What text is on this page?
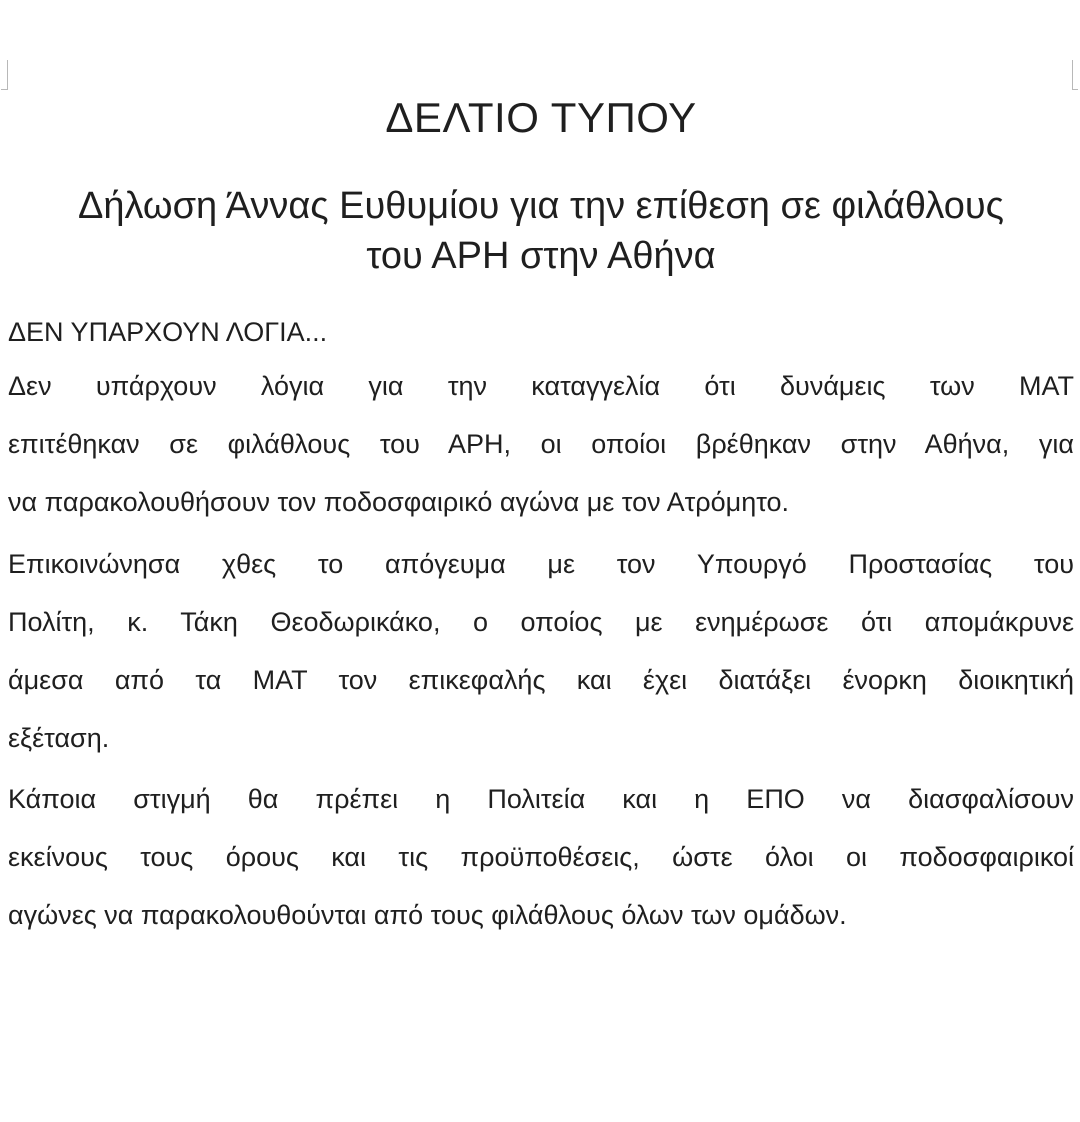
ΔΕΛΤΙΟ ΤΥΠΟΥ
Δήλωση Άννας Ευθυμίου για την επίθεση σε φιλάθλους
του ΑΡΗ στην Αθήνα

ΔΕΝ ΥΠΑΡΧΟΥΝ ΛΟΓΙΑ...

Δεν υπάρχουν λόγια για την καταγγελία ότι δυνάμεις των ΜΑΤ
επιτέθηκαν σε φιλάθλους του ΑΡΗ, οι οποίοι βρέθηκαν στην Αθήνα, για
να παρακολουθήσουν τον ποδοσφαιρικό αγώνα με τον Ατρόμητο.

Επικοινώνησα χθες το απόγευμα με τον Υπουργό Προστασίας του
Πολίτη, κ. Τάκη Θεοδωρικάκο, ο οποίος με ενημέρωσε ότι απομάκρυνε
άμεσα από τα ΜΑΤ τον επικεφαλής και έχει διατάξει ένορκη διοικητική
εξέταση.

Κάποια στιγμή θα πρέπει η Πολιτεία και η ΕΠΟ να διασφαλίσουν
εκείνους τους όρους και τις προϋποθέσεις, ώστε όλοι οι ποδοσφαιρικοί
αγώνες να παρακολουθούνται από τους φιλάθλους όλων των ομάδων.
